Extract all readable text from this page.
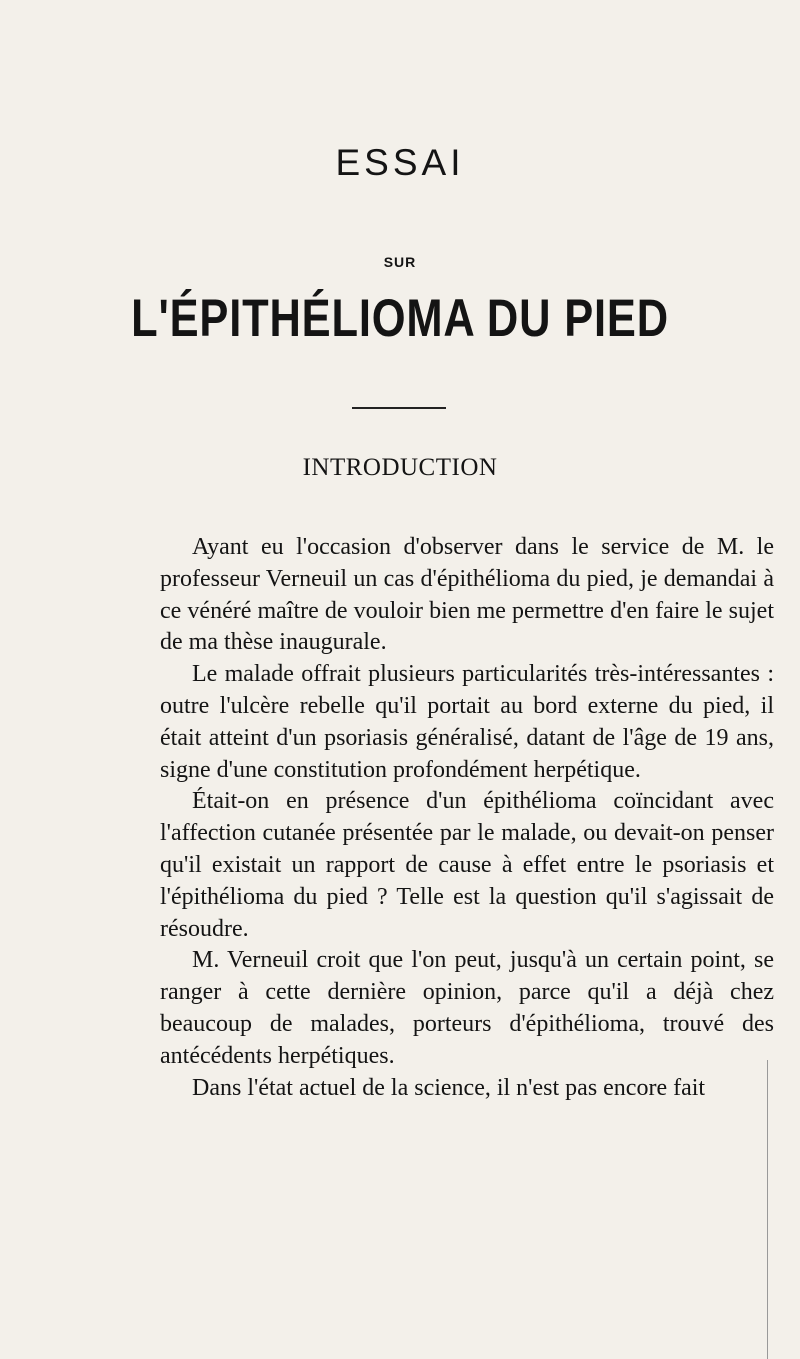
ESSAI
SUR
L'ÉPITHÉLIOMA DU PIED
INTRODUCTION

Ayant eu l'occasion d'observer dans le service de M. le professeur Verneuil un cas d'épithélioma du pied, je demandai à ce vénéré maître de vouloir bien me permettre d'en faire le sujet de ma thèse inaugurale.

Le malade offrait plusieurs particularités très-intéressantes : outre l'ulcère rebelle qu'il portait au bord externe du pied, il était atteint d'un psoriasis généralisé, datant de l'âge de 19 ans, signe d'une constitution profondément herpétique.

Était-on en présence d'un épithélioma coïncidant avec l'affection cutanée présentée par le malade, ou devait-on penser qu'il existait un rapport de cause à effet entre le psoriasis et l'épithélioma du pied ? Telle est la question qu'il s'agissait de résoudre.

M. Verneuil croit que l'on peut, jusqu'à un certain point, se ranger à cette dernière opinion, parce qu'il a déjà chez beaucoup de malades, porteurs d'épithélioma, trouvé des antécédents herpétiques.

Dans l'état actuel de la science, il n'est pas encore fait
